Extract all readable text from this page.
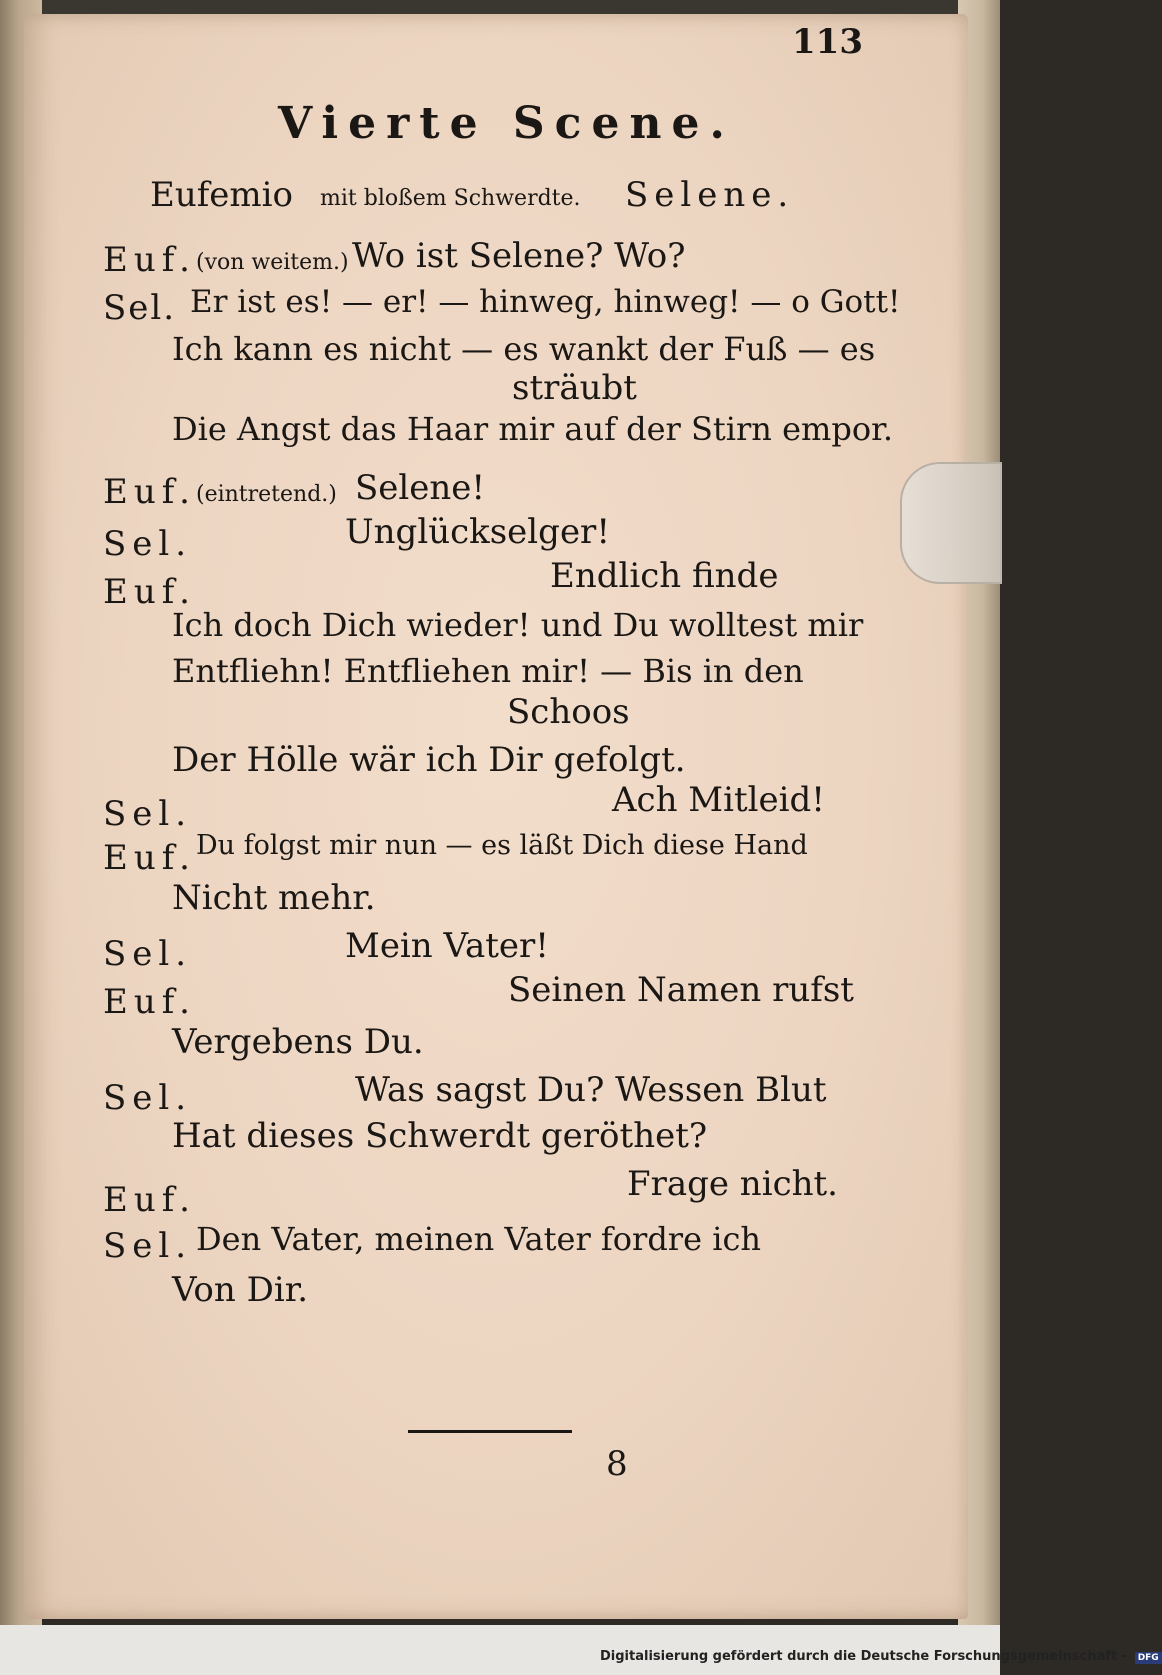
113
Vierte Scene.
Eufemio mit bloßem Schwerdte. Selene.
Euf. (von weitem.) Wo ist Selene? Wo?
Sel. Er ist es! — er! — hinweg, hinweg! — o Gott!
Ich kann es nicht — es wankt der Fuß — es
sträubt
Die Angst das Haar mir auf der Stirn empor.
Euf. (eintretend.) Selene!
Sel.	Unglückselger!
Euf.	Endlich finde
Ich doch Dich wieder! und Du wolltest mir
Entfliehn! Entfliehen mir! — Bis in den
Schoos
Der Hölle wär ich Dir gefolgt.
Sel.	Ach Mitleid!
Euf. Du folgst mir nun — es läßt Dich diese Hand
Nicht mehr.
Sel.	Mein Vater!
Euf.	Seinen Namen rufst
Vergebens Du.
Sel.	Was sagst Du? Wessen Blut
Hat dieses Schwerdt geröthet?
Euf.	Frage nicht.
Sel. Den Vater, meinen Vater fordre ich
Von Dir.
8
Digitalisierung gefördert durch die Deutsche Forschungsgemeinschaft - DFG
